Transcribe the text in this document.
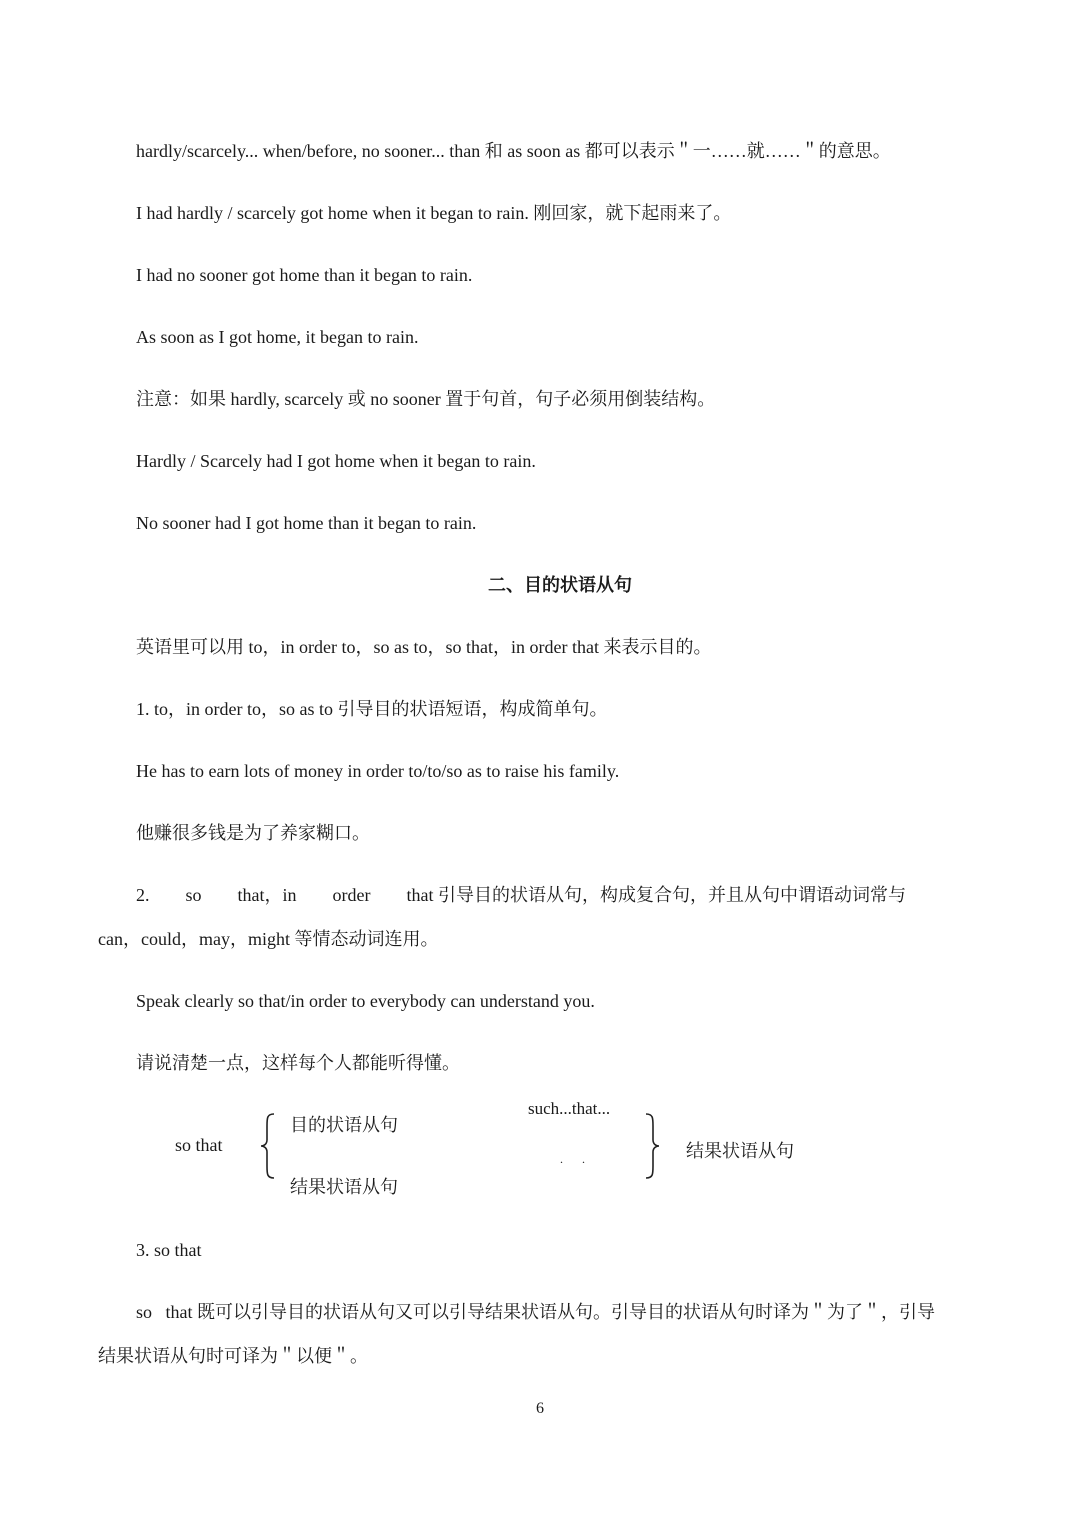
hardly/scarcely... when/before, no sooner... than 和 as soon as 都可以表示＂一……就……＂的意思。
I had hardly / scarcely got home when it began to rain. 刚回家，就下起雨来了。
I had no sooner got home than it began to rain.
As soon as I got home, it began to rain.
注意：如果 hardly, scarcely 或 no sooner 置于句首，句子必须用倒装结构。
Hardly / Scarcely had I got home when it began to rain.
No sooner had I got home than it began to rain.
二、目的状语从句
英语里可以用 to，in order to，so as to，so that，in order that 来表示目的。
1. to，in order to，so as to 引导目的状语短语，构成简单句。
He has to earn lots of money in order to/to/so as to raise his family.
他赚很多钱是为了养家糊口。
2.        so        that，in        order        that 引导目的状语从句，构成复合句，并且从句中谓语动词常与
can，could，may，might 等情态动词连用。
Speak clearly so that/in order to everybody can understand you.
请说清楚一点，这样每个人都能听得懂。
so that
目的状语从句
结果状语从句
such...that...
. .	结果状语从句
3. so that
so   that 既可以引导目的状语从句又可以引导结果状语从句。引导目的状语从句时译为＂为了＂，引导
结果状语从句时可译为＂以便＂。
6
